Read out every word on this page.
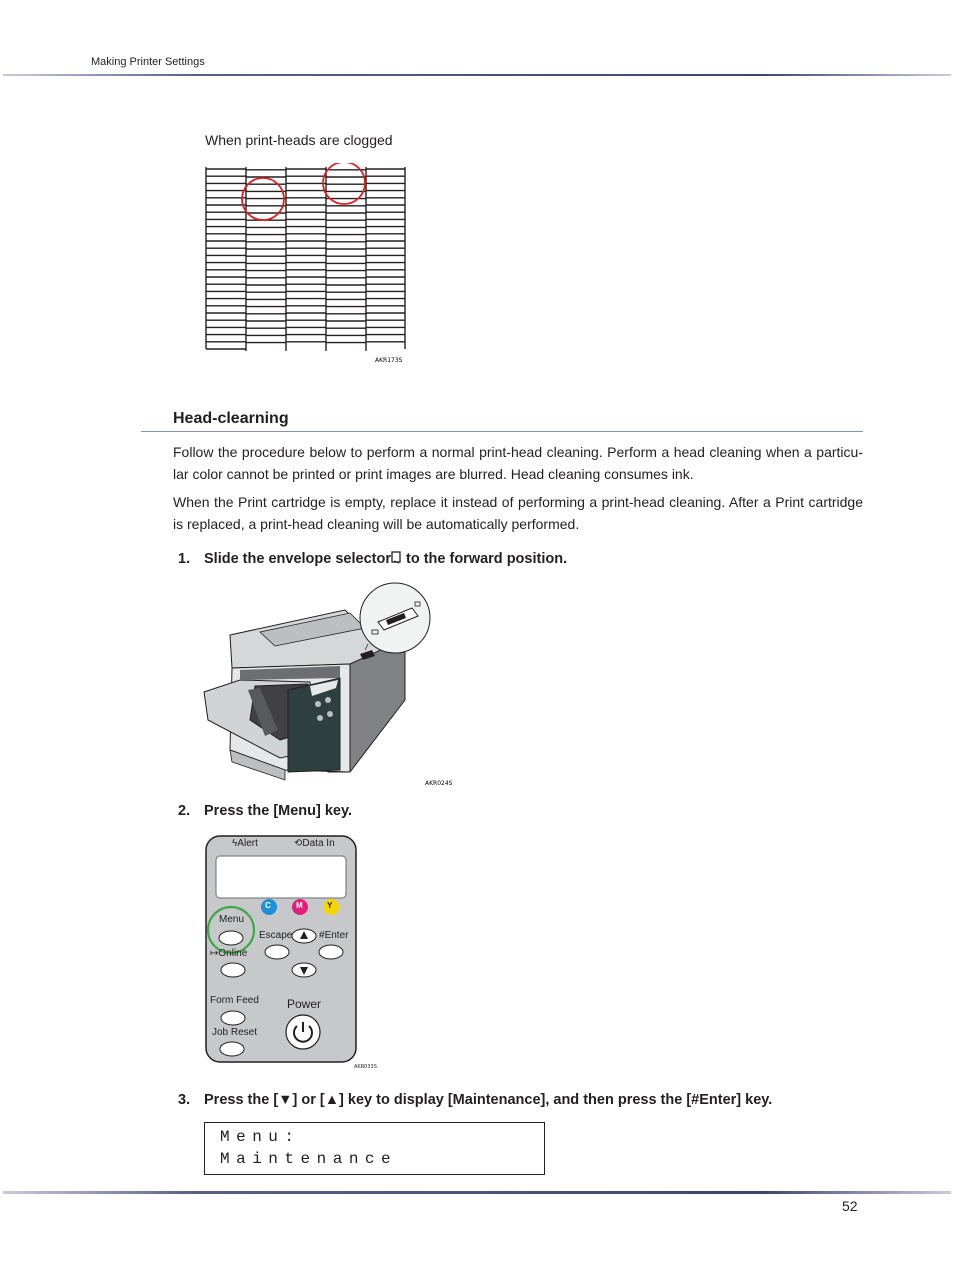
Making Printer Settings
When print-heads are clogged
AKR173S
Head-clearning
Follow the procedure below to perform a normal print-head cleaning. Perform a head cleaning when a particu-lar color cannot be printed or print images are blurred. Head cleaning consumes ink.
When the Print cartridge is empty, replace it instead of performing a print-head cleaning. After a Print cartridge is replaced, a print-head cleaning will be automatically performed.
1. Slide the envelope selector to the forward position.
AKR024S
2. Press the [Menu] key.
ϟAlert	⟲Data In
C	M	Y
Menu
Escape	#Enter
↦Online
Form Feed Power
Job Reset
AKR033S
3. Press the [▼] or [▲] key to display [Maintenance], and then press the [#Enter] key.
Menu:
Maintenance
52
